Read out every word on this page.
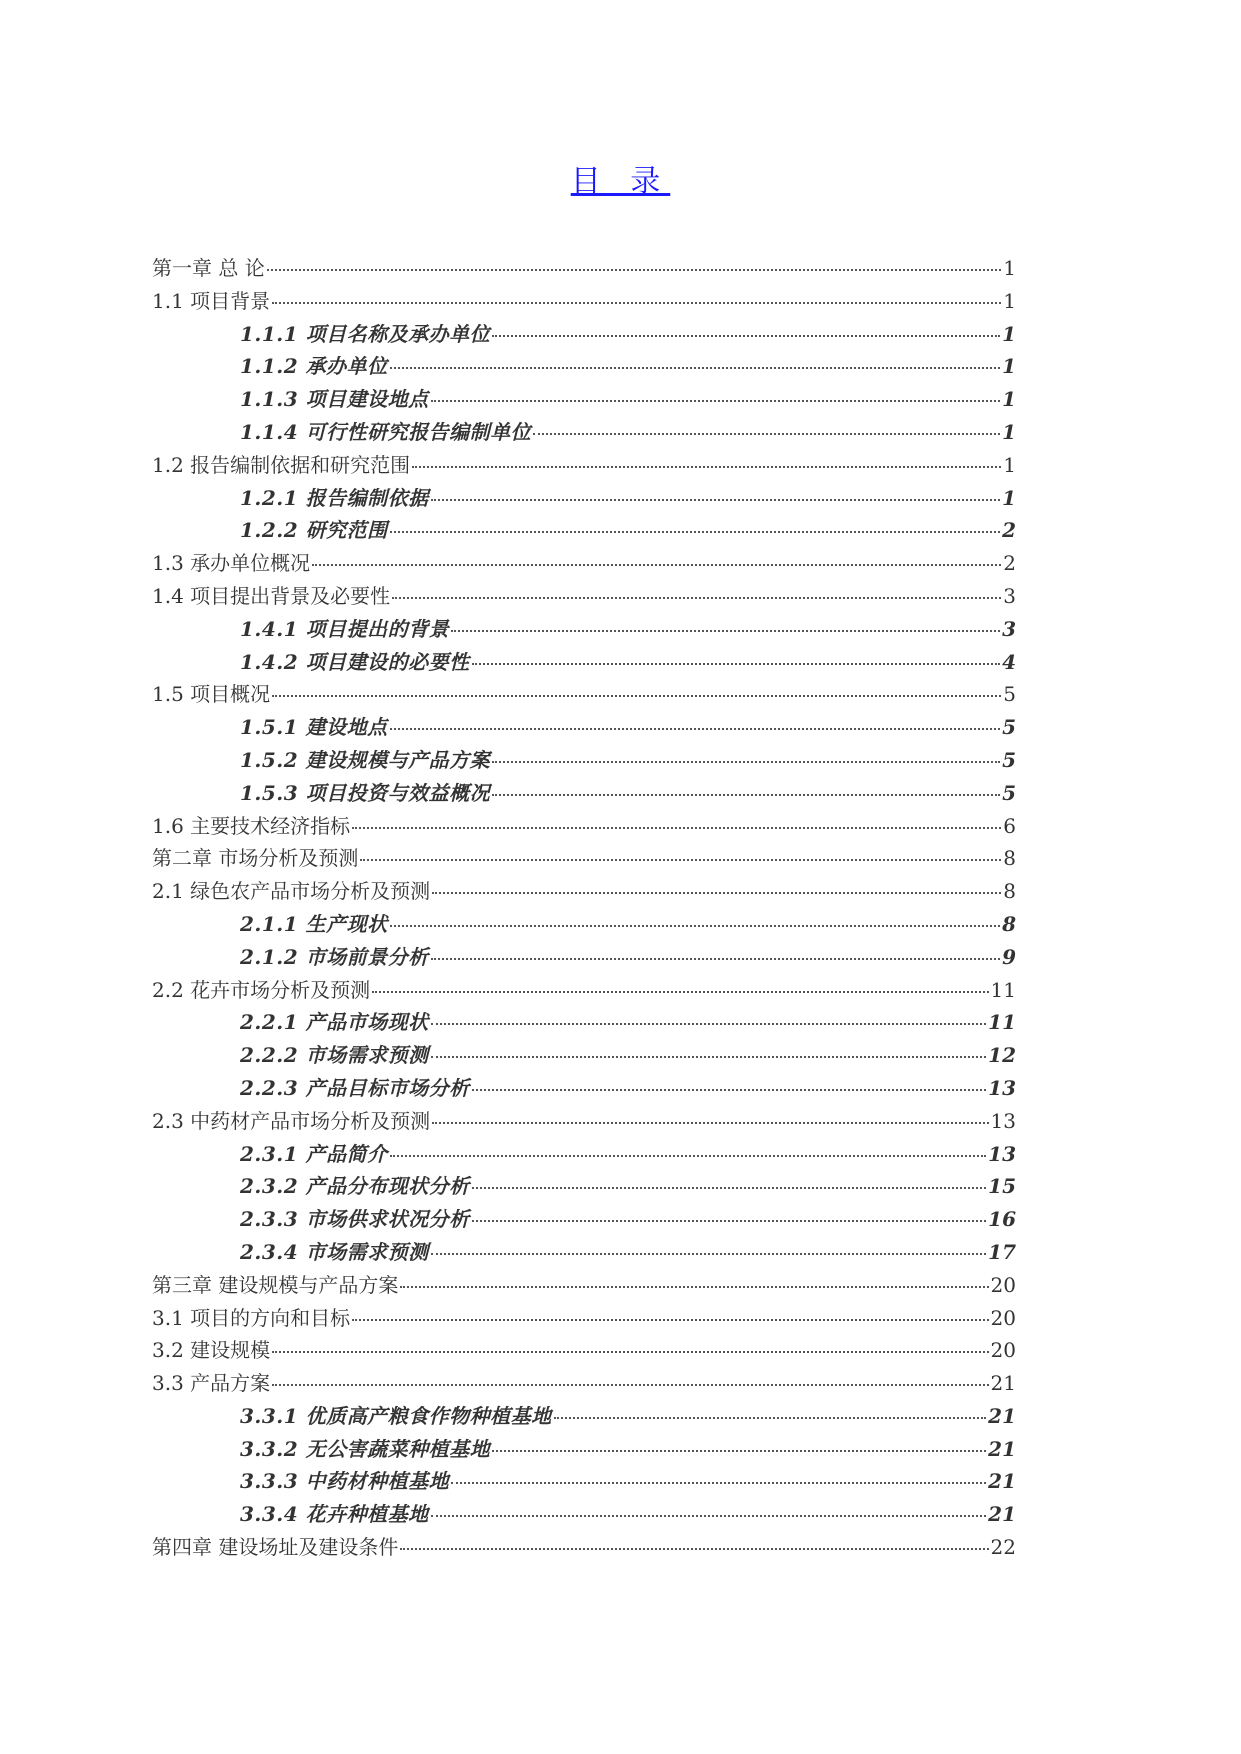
目 录
第一章 总 论	1
1.1 项目背景	1
1.1.1 项目名称及承办单位	1
1.1.2 承办单位	1
1.1.3 项目建设地点	1
1.1.4 可行性研究报告编制单位	1
1.2 报告编制依据和研究范围	1
1.2.1 报告编制依据	1
1.2.2 研究范围	2
1.3 承办单位概况	2
1.4 项目提出背景及必要性	3
1.4.1 项目提出的背景	3
1.4.2 项目建设的必要性	4
1.5 项目概况	5
1.5.1 建设地点	5
1.5.2 建设规模与产品方案	5
1.5.3 项目投资与效益概况	5
1.6 主要技术经济指标	6
第二章 市场分析及预测	8
2.1 绿色农产品市场分析及预测	8
2.1.1 生产现状	8
2.1.2 市场前景分析	9
2.2 花卉市场分析及预测	11
2.2.1 产品市场现状	11
2.2.2 市场需求预测	12
2.2.3 产品目标市场分析	13
2.3 中药材产品市场分析及预测	13
2.3.1 产品简介	13
2.3.2 产品分布现状分析	15
2.3.3 市场供求状况分析	16
2.3.4 市场需求预测	17
第三章 建设规模与产品方案	20
3.1 项目的方向和目标	20
3.2 建设规模	20
3.3 产品方案	21
3.3.1 优质高产粮食作物种植基地	21
3.3.2 无公害蔬菜种植基地	21
3.3.3 中药材种植基地	21
3.3.4 花卉种植基地	21
第四章 建设场址及建设条件	22
